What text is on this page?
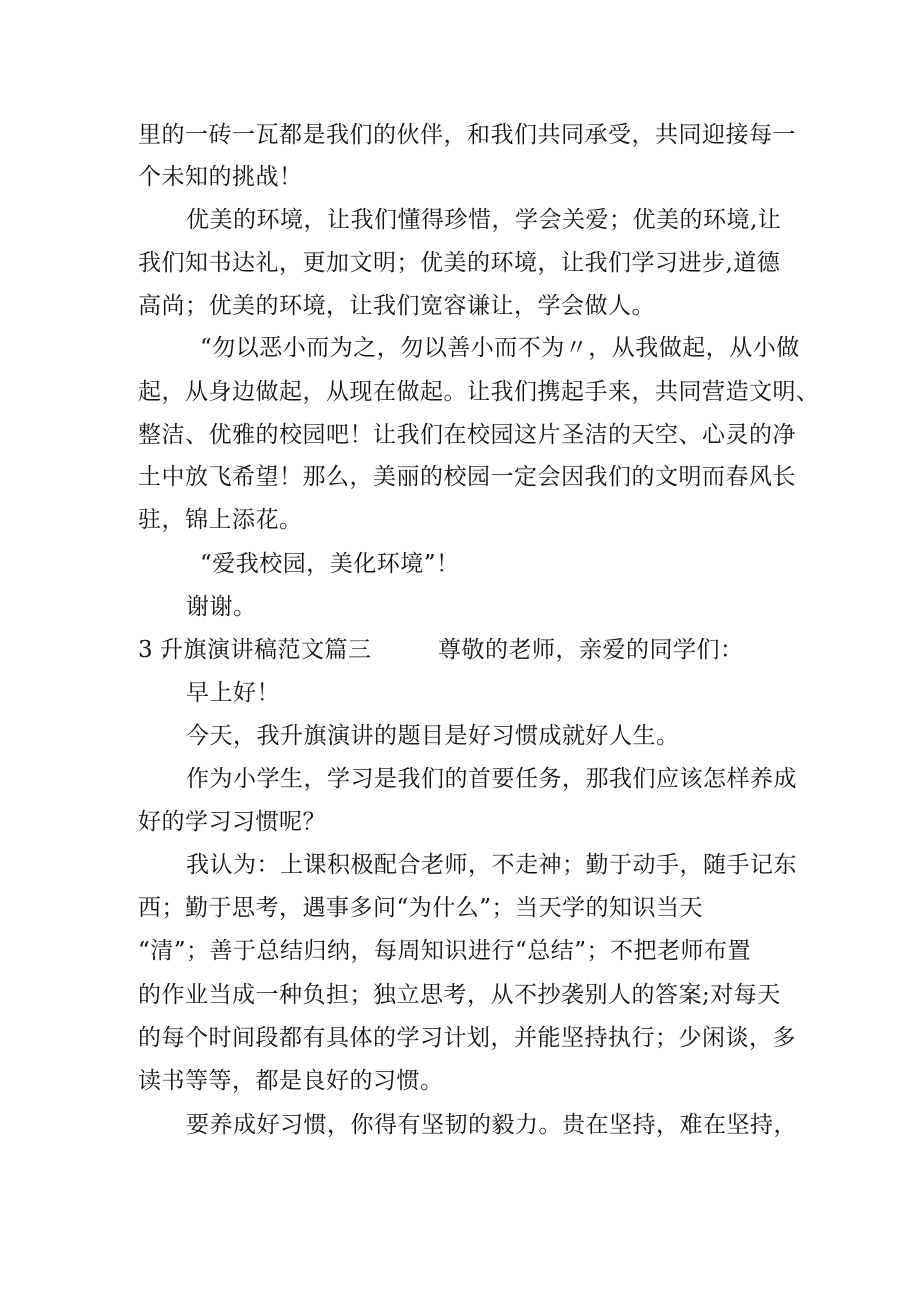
里的一砖一瓦都是我们的伙伴，和我们共同承受，共同迎接每一
个未知的挑战！
优美的环境，让我们懂得珍惜，学会关爱；优美的环境,让
我们知书达礼，更加文明；优美的环境，让我们学习进步,道德
高尚；优美的环境，让我们宽容谦让，学会做人。
“勿以恶小而为之，勿以善小而不为〃，从我做起，从小做
起，从身边做起，从现在做起。让我们携起手来，共同营造文明、
整洁、优雅的校园吧！让我们在校园这片圣洁的天空、心灵的净
土中放飞希望！那么，美丽的校园一定会因我们的文明而春风长
驻，锦上添花。
“爱我校园，美化环境”！
谢谢。
3 .
升旗演讲稿范文篇三	尊敬的老师，亲爱的同学们：
早上好！
今天，我升旗演讲的题目是好习惯成就好人生。
作为小学生，学习是我们的首要任务，那我们应该怎样养成
好的学习习惯呢？
我认为：上课积极配合老师，不走神；勤于动手，随手记东
西；勤于思考，遇事多问“为什么”；当天学的知识当天
“清”；善于总结归纳，每周知识进行“总结”；不把老师布置
的作业当成一种负担；独立思考，从不抄袭别人的答案;对每天
的每个时间段都有具体的学习计划，并能坚持执行；少闲谈，多
读书等等，都是良好的习惯。
要养成好习惯，你得有坚韧的毅力。贵在坚持，难在坚持，
